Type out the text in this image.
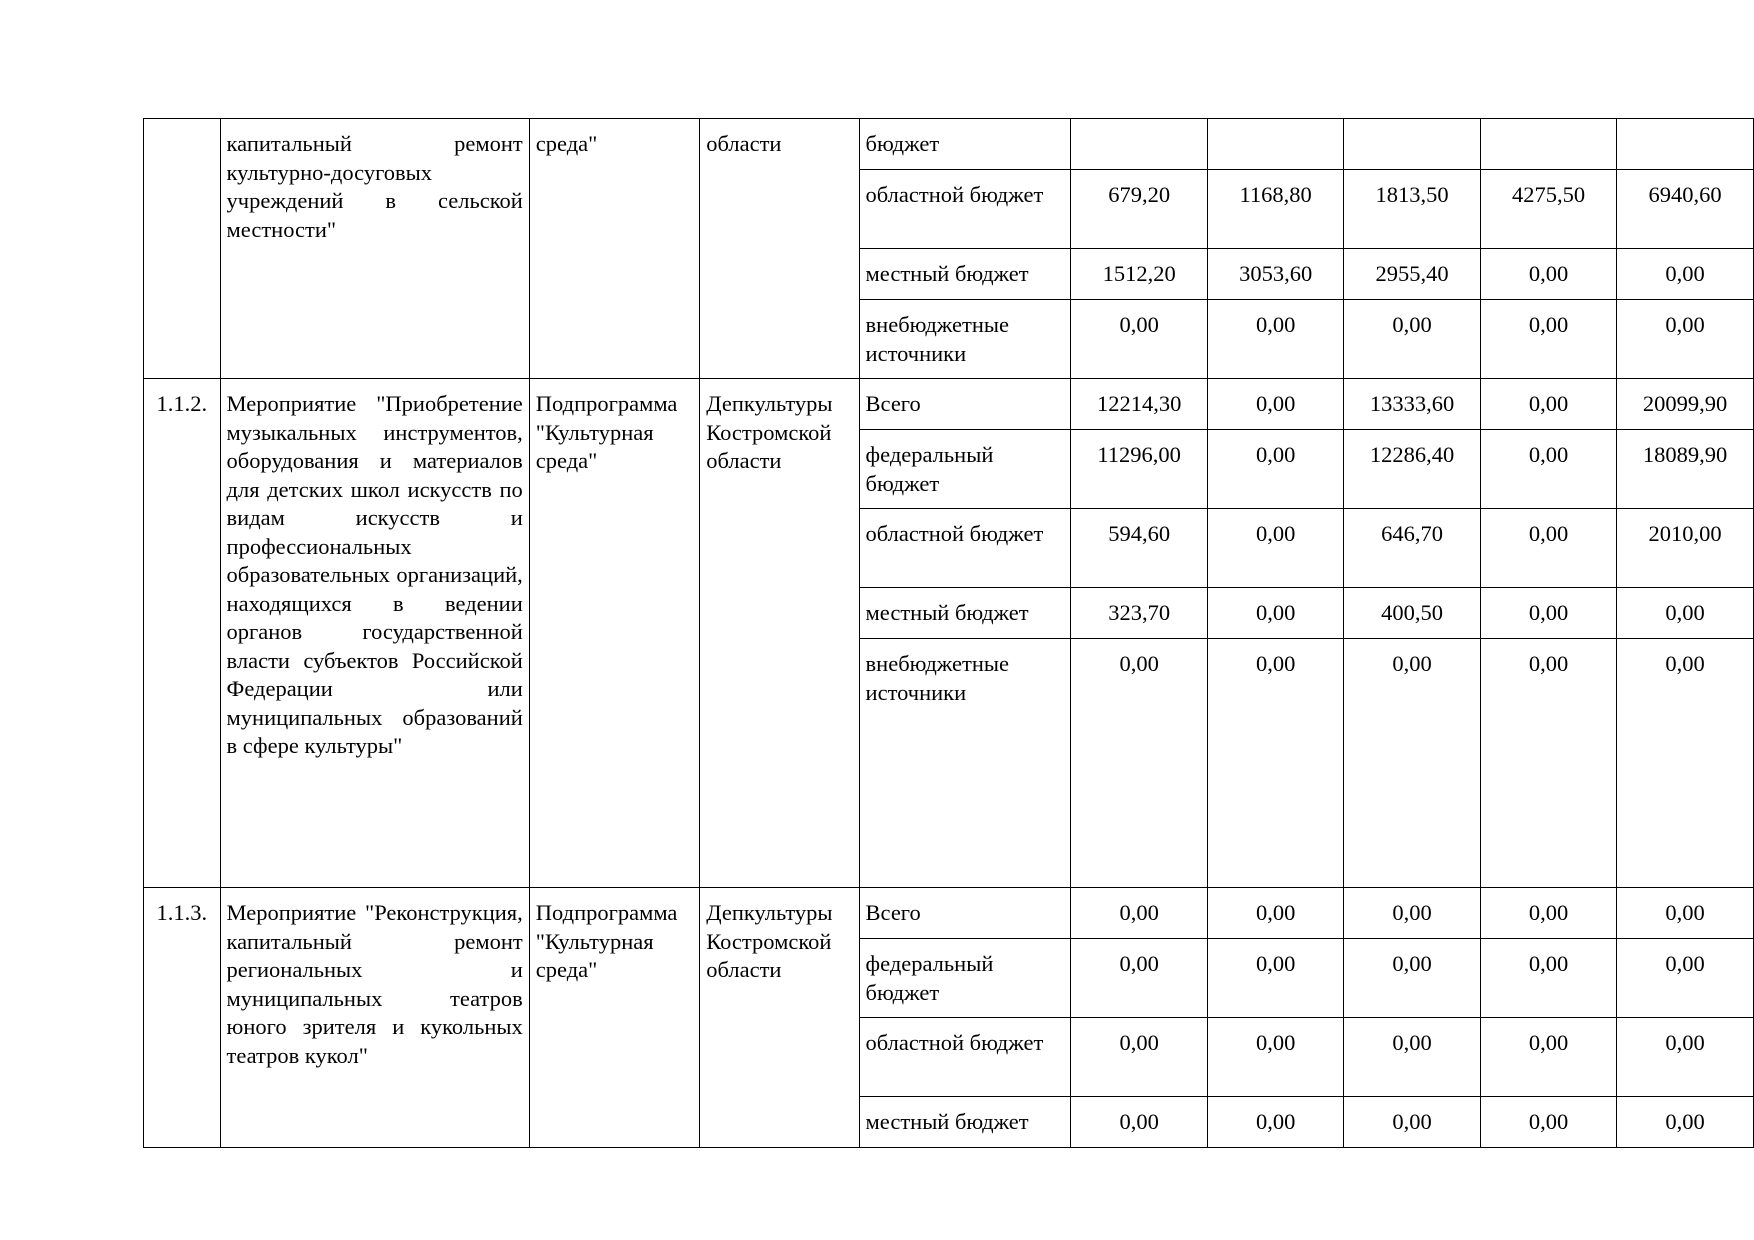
	капитальный ремонт культурно-досуговых учреждений в сельской местности"	среда"	области	бюджет					
				областной бюджет	679,20	1168,80	1813,50	4275,50	6940,60
				местный бюджет	1512,20	3053,60	2955,40	0,00	0,00
				внебюджетные источники	0,00	0,00	0,00	0,00	0,00
1.1.2.	Мероприятие "Приобретение музыкальных инструментов, оборудования и материалов для детских школ искусств по видам искусств и профессиональных образовательных организаций, находящихся в ведении органов государственной власти субъектов Российской Федерации или муниципальных образований в сфере культуры"	Подпрограмма "Культурная среда"	Депкультуры Костромской области	Всего	12214,30	0,00	13333,60	0,00	20099,90
				федеральный бюджет	11296,00	0,00	12286,40	0,00	18089,90
				областной бюджет	594,60	0,00	646,70	0,00	2010,00
				местный бюджет	323,70	0,00	400,50	0,00	0,00
				внебюджетные источники	0,00	0,00	0,00	0,00	0,00
1.1.3.	Мероприятие "Реконструкция, капитальный ремонт региональных и муниципальных театров юного зрителя и кукольных театров кукол"	Подпрограмма "Культурная среда"	Депкультуры Костромской области	Всего	0,00	0,00	0,00	0,00	0,00
				федеральный бюджет	0,00	0,00	0,00	0,00	0,00
				областной бюджет	0,00	0,00	0,00	0,00	0,00
				местный бюджет	0,00	0,00	0,00	0,00	0,00
